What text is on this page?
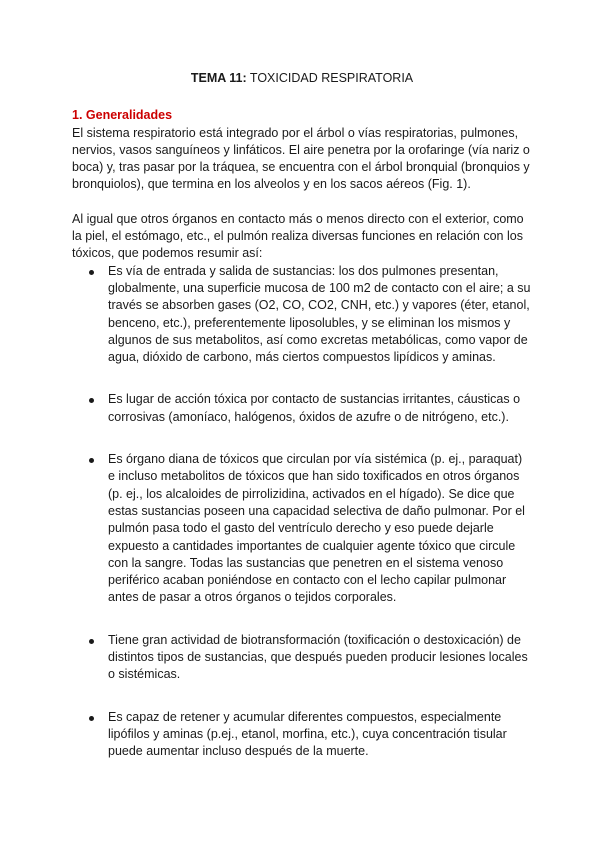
TEMA 11: TOXICIDAD RESPIRATORIA
1. Generalidades

El sistema respiratorio está integrado por el árbol o vías respiratorias, pulmones, nervios, vasos sanguíneos y linfáticos. El aire penetra por la orofaringe (vía nariz o boca) y, tras pasar por la tráquea, se encuentra con el árbol bronquial (bronquios y bronquiolos), que termina en los alveolos y en los sacos aéreos (Fig. 1).

Al igual que otros órganos en contacto más o menos directo con el exterior, como la piel, el estómago, etc., el pulmón realiza diversas funciones en relación con los tóxicos, que podemos resumir así:

Es vía de entrada y salida de sustancias: los dos pulmones presentan, globalmente, una superficie mucosa de 100 m2 de contacto con el aire; a su través se absorben gases (O2, CO, CO2, CNH, etc.) y vapores (éter, etanol, benceno, etc.), preferentemente liposolubles, y se eliminan los mismos y algunos de sus metabolitos, así como excretas metabólicas, como vapor de agua, dióxido de carbono, más ciertos compuestos lipídicos y aminas.
Es lugar de acción tóxica por contacto de sustancias irritantes, cáusticas o corrosivas (amoníaco, halógenos, óxidos de azufre o de nitrógeno, etc.).
Es órgano diana de tóxicos que circulan por vía sistémica (p. ej., paraquat) e incluso metabolitos de tóxicos que han sido toxificados en otros órganos (p. ej., los alcaloides de pirrolizidina, activados en el hígado). Se dice que estas sustancias poseen una capacidad selectiva de daño pulmonar. Por el pulmón pasa todo el gasto del ventrículo derecho y eso puede dejarle expuesto a cantidades importantes de cualquier agente tóxico que circule con la sangre. Todas las sustancias que penetren en el sistema venoso periférico acaban poniéndose en contacto con el lecho capilar pulmonar antes de pasar a otros órganos o tejidos corporales.
Tiene gran actividad de biotransformación (toxificación o destoxicación) de distintos tipos de sustancias, que después pueden producir lesiones locales o sistémicas.
Es capaz de retener y acumular diferentes compuestos, especialmente lipófilos y aminas (p.ej., etanol, morfina, etc.), cuya concentración tisular puede aumentar incluso después de la muerte.
